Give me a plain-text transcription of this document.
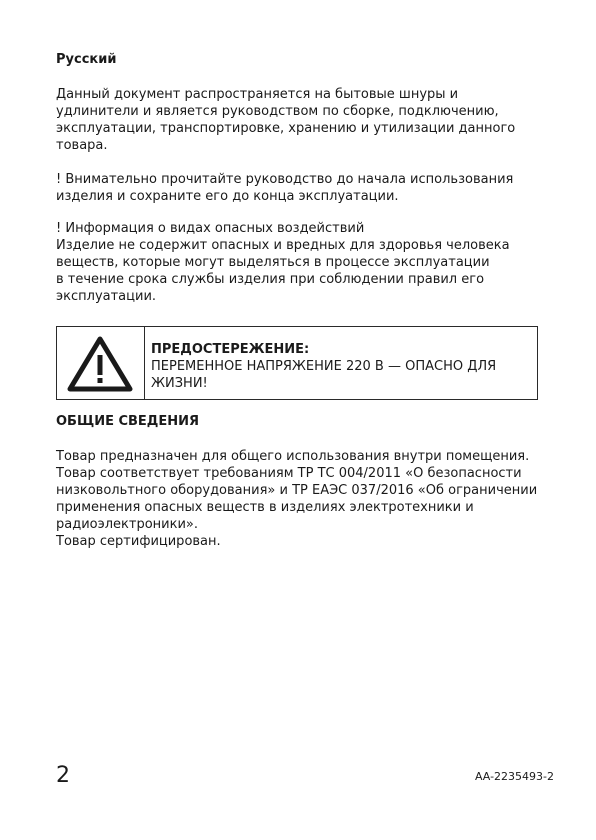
Русский
Данный документ распространяется на бытовые шнуры и
удлинители и является руководством по сборке, подключению,
эксплуатации, транспортировке, хранению и утилизации данного
товара.
! Внимательно прочитайте руководство до начала использования
изделия и сохраните его до конца эксплуатации.
! Информация о видах опасных воздействий
Изделие не содержит опасных и вредных для здоровья человека
веществ, которые могут выделяться в процессе эксплуатации
в течение срока службы изделия при соблюдении правил его
эксплуатации.
ПРЕДОСТЕРЕЖЕНИЕ:
ПЕРЕМЕННОЕ НАПРЯЖЕНИЕ 220 В — ОПАСНО ДЛЯ
ЖИЗНИ!
ОБЩИЕ СВЕДЕНИЯ
Товар предназначен для общего использования внутри помещения.
Товар соответствует требованиям ТР ТС 004/2011 «О безопасности
низковольтного оборудования» и ТР ЕАЭС 037/2016 «Об ограничении
применения опасных веществ в изделиях электротехники и
радиоэлектроники».
Товар сертифицирован.
2	AA-2235493-2
